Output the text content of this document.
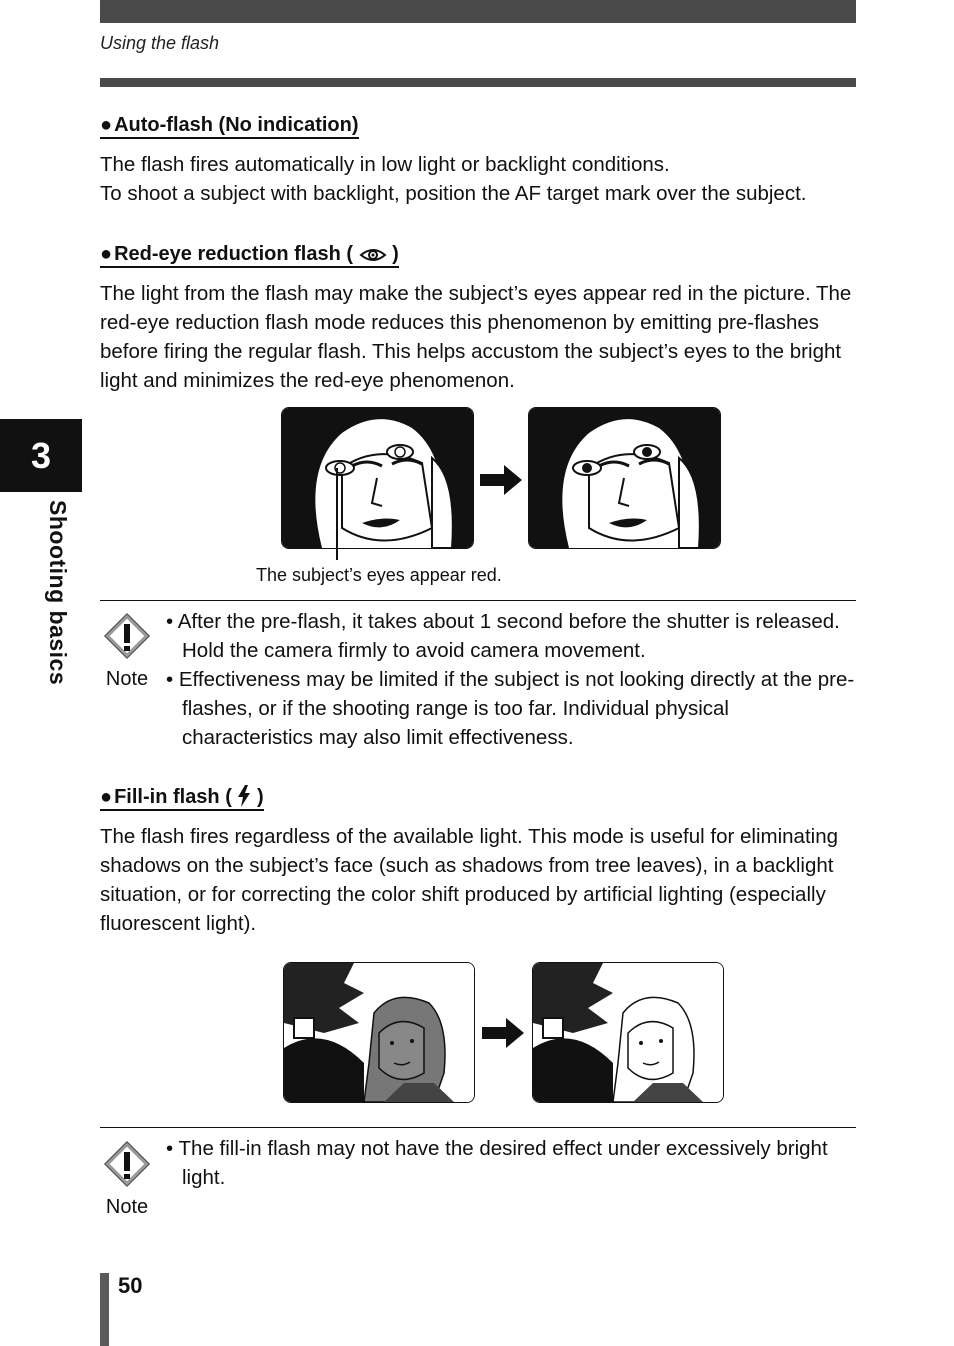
Using the flash
3
Shooting basics
● Auto-flash (No indication)

The flash fires automatically in low light or backlight conditions.

To shoot a subject with backlight, position the AF target mark over the subject.

● Red-eye reduction flash ( )
The light from the flash may make the subject’s eyes appear red in the picture. The red-eye reduction flash mode reduces this phenomenon by emitting pre-flashes before firing the regular flash. This helps accustom the subject’s eyes to the bright light and minimizes the red-eye phenomenon.
The subject’s eyes appear red.
Note
• After the pre-flash, it takes about 1 second before the shutter is released. Hold the camera firmly to avoid camera movement.
• Effectiveness may be limited if the subject is not looking directly at the pre-flashes, or if the shooting range is too far. Individual physical characteristics may also limit effectiveness.
● Fill-in flash ( )
The flash fires regardless of the available light. This mode is useful for eliminating shadows on the subject’s face (such as shadows from tree leaves), in a backlight situation, or for correcting the color shift produced by artificial lighting (especially fluorescent light).
Note
• The fill-in flash may not have the desired effect under excessively bright light.
50
